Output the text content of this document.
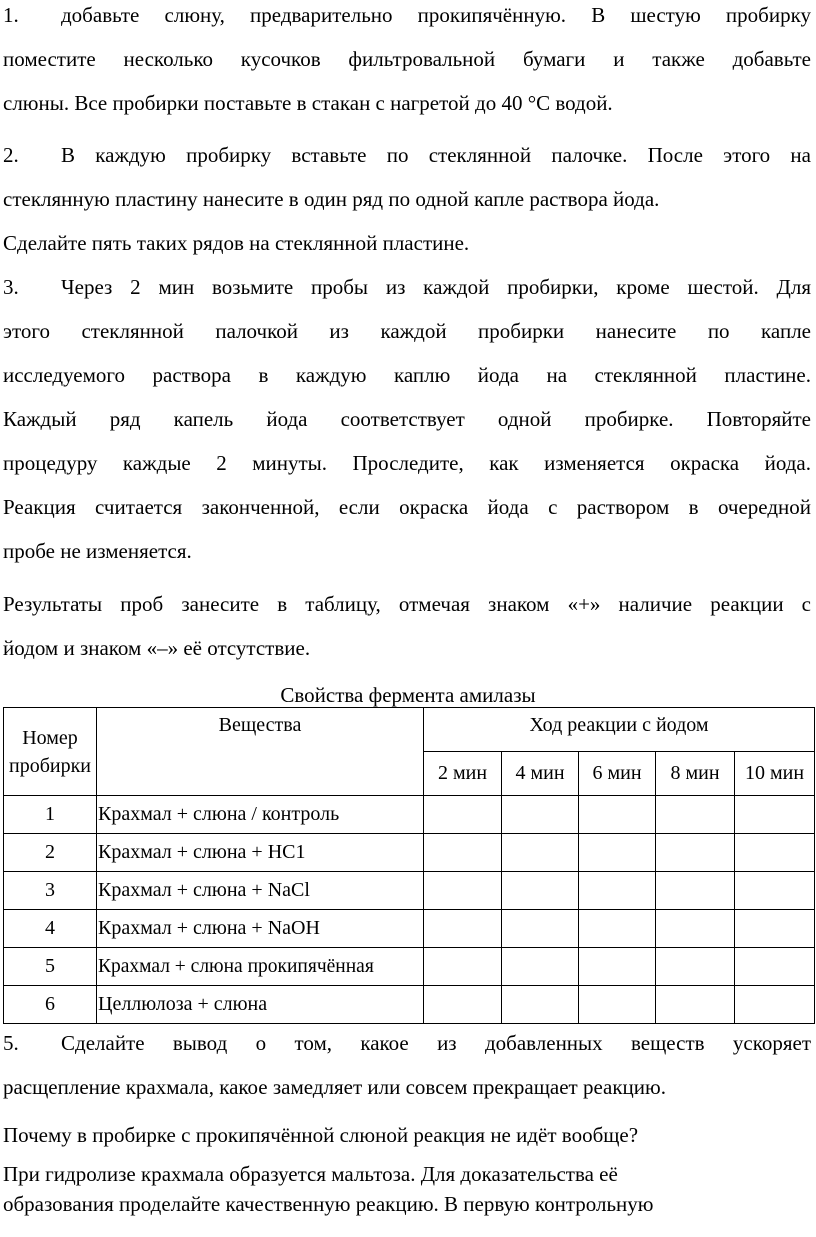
1. добавьте слюну, предварительно прокипячённую. В шестую пробирку
поместите несколько кусочков фильтровальной бумаги и также добавьте
слюны. Все пробирки поставьте в стакан с нагретой до 40 °С водой.
2. В каждую пробирку вставьте по стеклянной палочке. После этого на
стеклянную пластину нанесите в один ряд по одной капле раствора йода.
Сделайте пять таких рядов на стеклянной пластине.
3. Через 2 мин возьмите пробы из каждой пробирки, кроме шестой. Для
этого стеклянной палочкой из каждой пробирки нанесите по капле
исследуемого раствора в каждую каплю йода на стеклянной пластине.
Каждый ряд капель йода соответствует одной пробирке. Повторяйте
процедуру каждые 2 минуты. Проследите, как изменяется окраска йода.
Реакция считается законченной, если окраска йода с раствором в очередной
пробе не изменяется.
Результаты проб занесите в таблицу, отмечая знаком «+» наличие реакции с
йодом и знаком «–» её отсутствие.
Свойства фермента амилазы
Номер пробирки	Вещества	Ход реакции с йодом				
		2 мин	4 мин	6 мин	8 мин	10 мин
1	Крахмал + слюна / контроль					
2	Крахмал + слюна + НС1					
3	Крахмал + слюна + NaCl					
4	Крахмал + слюна + NaOH					
5	Крахмал + слюна прокипячённая					
6	Целлюлоза + слюна					
5. Сделайте вывод о том, какое из добавленных веществ ускоряет
расщепление крахмала, какое замедляет или совсем прекращает реакцию.
Почему в пробирке с прокипячённой слюной реакция не идёт вообще?
При гидролизе крахмала образуется мальтоза. Для доказательства её
образования проделайте качественную реакцию. В первую контрольную
